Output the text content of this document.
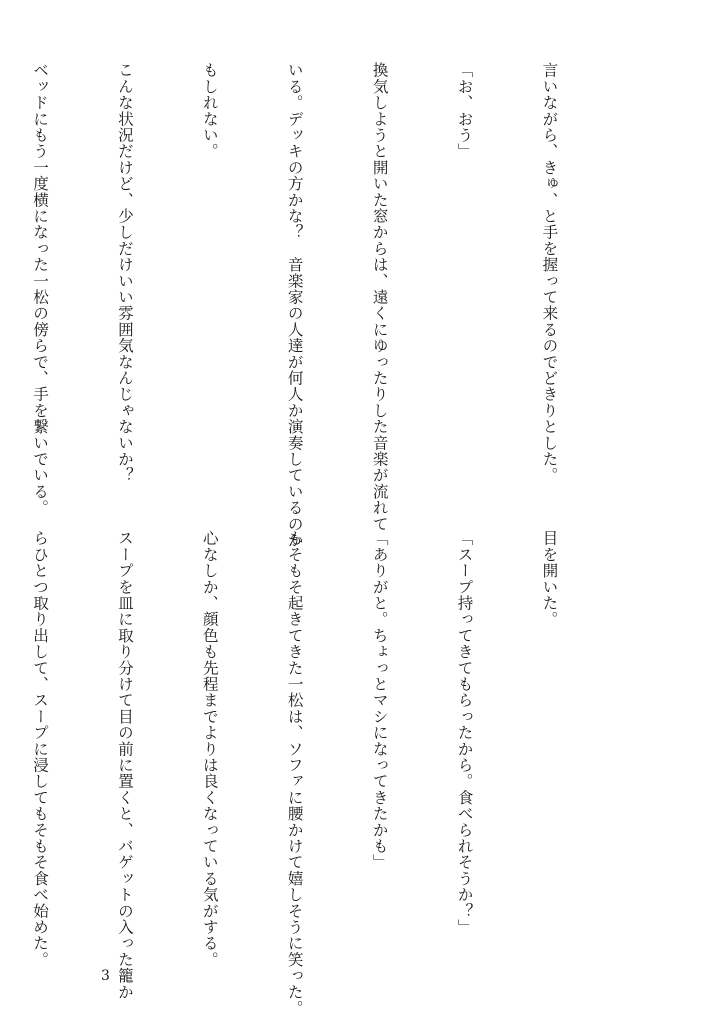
言いながら、きゅ、と手を握って来るのでどきりとした。

「お、おう」

換気しようと開いた窓からは、遠くにゆったりした音楽が流れて

いる。デッキの方かな？　音楽家の人達が何人か演奏しているのか

もしれない。

こんな状況だけど、少しだけいい雰囲気なんじゃないか？

ベッドにもう一度横になった一松の傍らで、手を繋いでいる。

目を開いた。

「スープ持ってきてもらったから。食べられそうか？」

「ありがと。ちょっとマシになってきたかも」

もそもそ起きてきた一松は、ソファに腰かけて嬉しそうに笑った。

心なしか、顔色も先程までよりは良くなっている気がする。

スープを皿に取り分けて目の前に置くと、バゲットの入った籠か

らひとつ取り出して、スープに浸してもそもそ食べ始めた。

3
